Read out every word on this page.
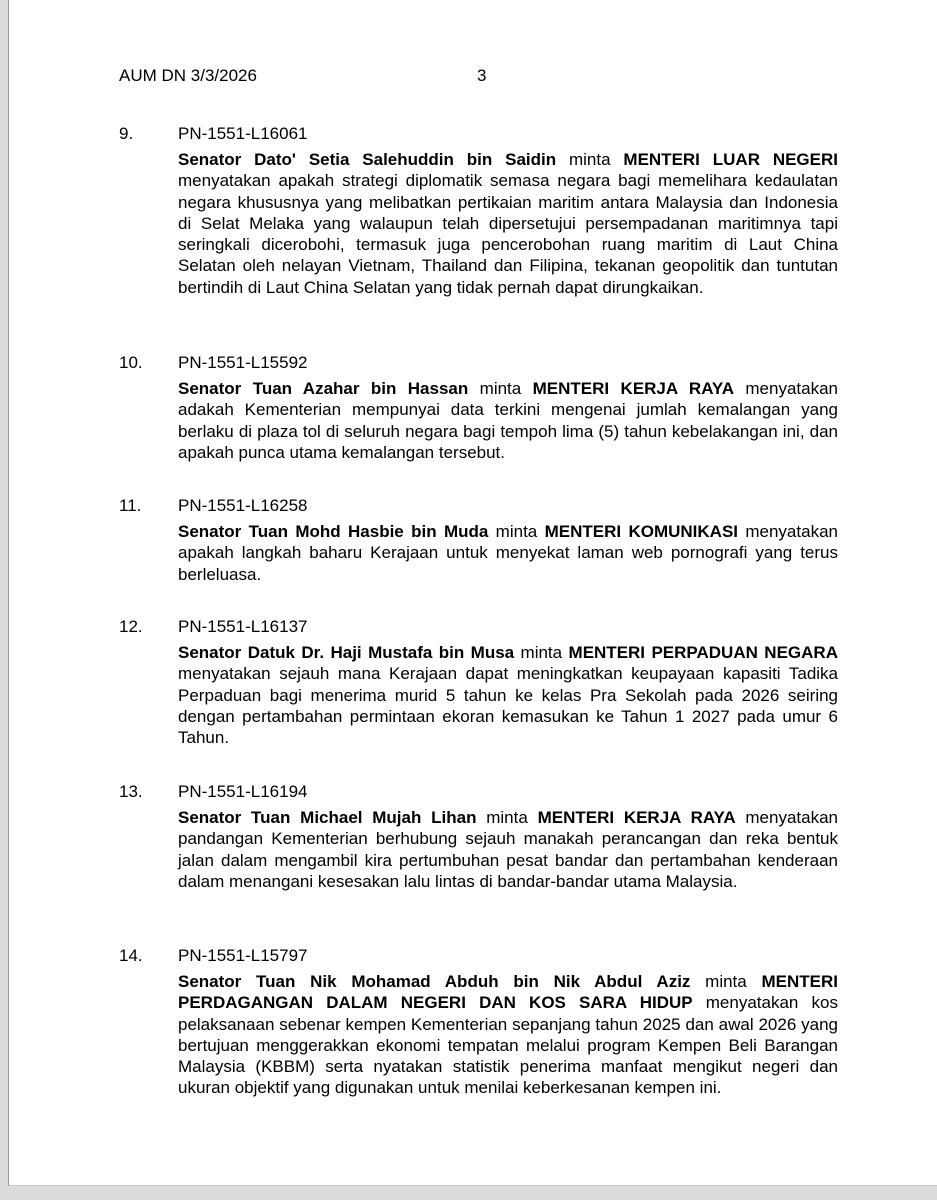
AUM DN 3/3/2026	3
9.	PN-1551-L16061
Senator Dato' Setia Salehuddin bin Saidin minta MENTERI LUAR NEGERI menyatakan apakah strategi diplomatik semasa negara bagi memelihara kedaulatan negara khususnya yang melibatkan pertikaian maritim antara Malaysia dan Indonesia di Selat Melaka yang walaupun telah dipersetujui persempadanan maritimnya tapi seringkali dicerobohi, termasuk juga pencerobohan ruang maritim di Laut China Selatan oleh nelayan Vietnam, Thailand dan Filipina, tekanan geopolitik dan tuntutan bertindih di Laut China Selatan yang tidak pernah dapat dirungkaikan.
10. PN-1551-L15592
Senator Tuan Azahar bin Hassan minta MENTERI KERJA RAYA menyatakan adakah Kementerian mempunyai data terkini mengenai jumlah kemalangan yang berlaku di plaza tol di seluruh negara bagi tempoh lima (5) tahun kebelakangan ini, dan apakah punca utama kemalangan tersebut.
11. PN-1551-L16258
Senator Tuan Mohd Hasbie bin Muda minta MENTERI KOMUNIKASI menyatakan apakah langkah baharu Kerajaan untuk menyekat laman web pornografi yang terus berleluasa.
12. PN-1551-L16137
Senator Datuk Dr. Haji Mustafa bin Musa minta MENTERI PERPADUAN NEGARA menyatakan sejauh mana Kerajaan dapat meningkatkan keupayaan kapasiti Tadika Perpaduan bagi menerima murid 5 tahun ke kelas Pra Sekolah pada 2026 seiring dengan pertambahan permintaan ekoran kemasukan ke Tahun 1 2027 pada umur 6 Tahun.
13. PN-1551-L16194
Senator Tuan Michael Mujah Lihan minta MENTERI KERJA RAYA menyatakan pandangan Kementerian berhubung sejauh manakah perancangan dan reka bentuk jalan dalam mengambil kira pertumbuhan pesat bandar dan pertambahan kenderaan dalam menangani kesesakan lalu lintas di bandar-bandar utama Malaysia.
14. PN-1551-L15797
Senator Tuan Nik Mohamad Abduh bin Nik Abdul Aziz minta MENTERI PERDAGANGAN DALAM NEGERI DAN KOS SARA HIDUP menyatakan kos pelaksanaan sebenar kempen Kementerian sepanjang tahun 2025 dan awal 2026 yang bertujuan menggerakkan ekonomi tempatan melalui program Kempen Beli Barangan Malaysia (KBBM) serta nyatakan statistik penerima manfaat mengikut negeri dan ukuran objektif yang digunakan untuk menilai keberkesanan kempen ini.
